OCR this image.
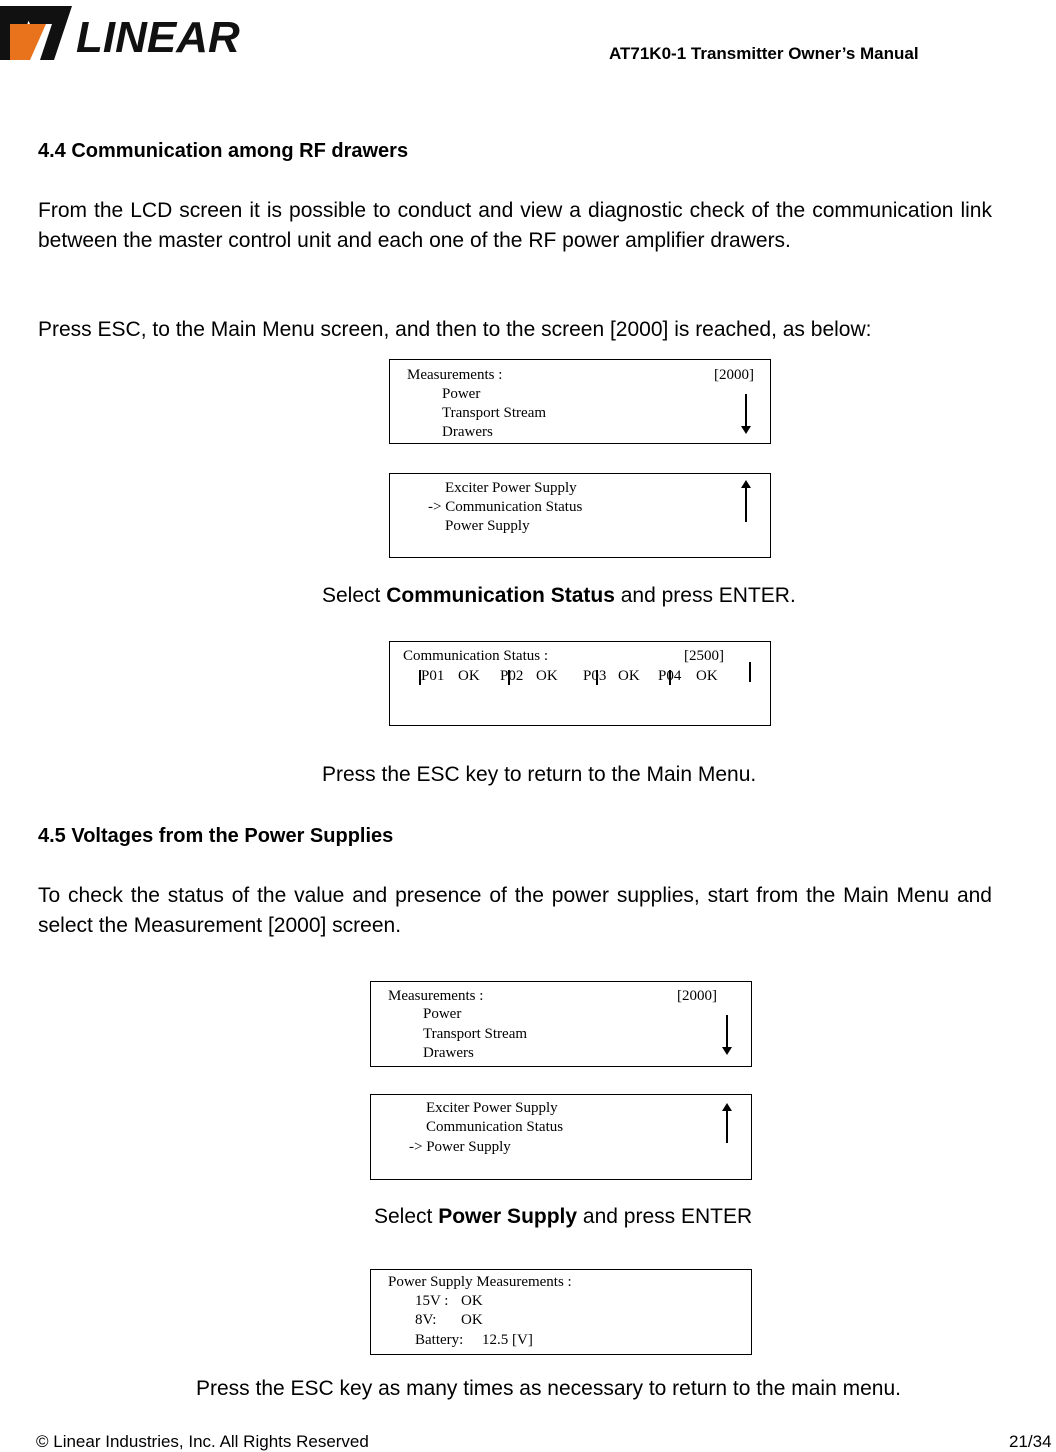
LINEAR	AT71K0-1 Transmitter Owner’s Manual
4.4 Communication among RF drawers
From the LCD screen it is possible to conduct and view a diagnostic check of the communication link between the master control unit and each one of the RF power amplifier drawers.
Press ESC, to the Main Menu screen, and then to the screen [2000] is reached, as below:
Measurements :	[2000]
Power
Transport Stream
Drawers
Exciter Power Supply
-> Communication Status
Power Supply
Select Communication Status and press ENTER.
Communication Status :	[2500]
P01 OK P02 OK P03 OK P04 OK
Press the ESC key to return to the Main Menu.
4.5 Voltages from the Power Supplies
To check the status of the value and presence of the power supplies, start from the Main Menu and select the Measurement [2000] screen.
Measurements :	[2000]
Power
Transport Stream
Drawers
Exciter Power Supply
Communication Status
-> Power Supply
Select Power Supply and press ENTER
Power Supply Measurements :
15V : OK
8V: OK
Battery: 12.5 [V]
Press the ESC key as many times as necessary to return to the main menu.
© Linear Industries, Inc. All Rights Reserved	21/34
